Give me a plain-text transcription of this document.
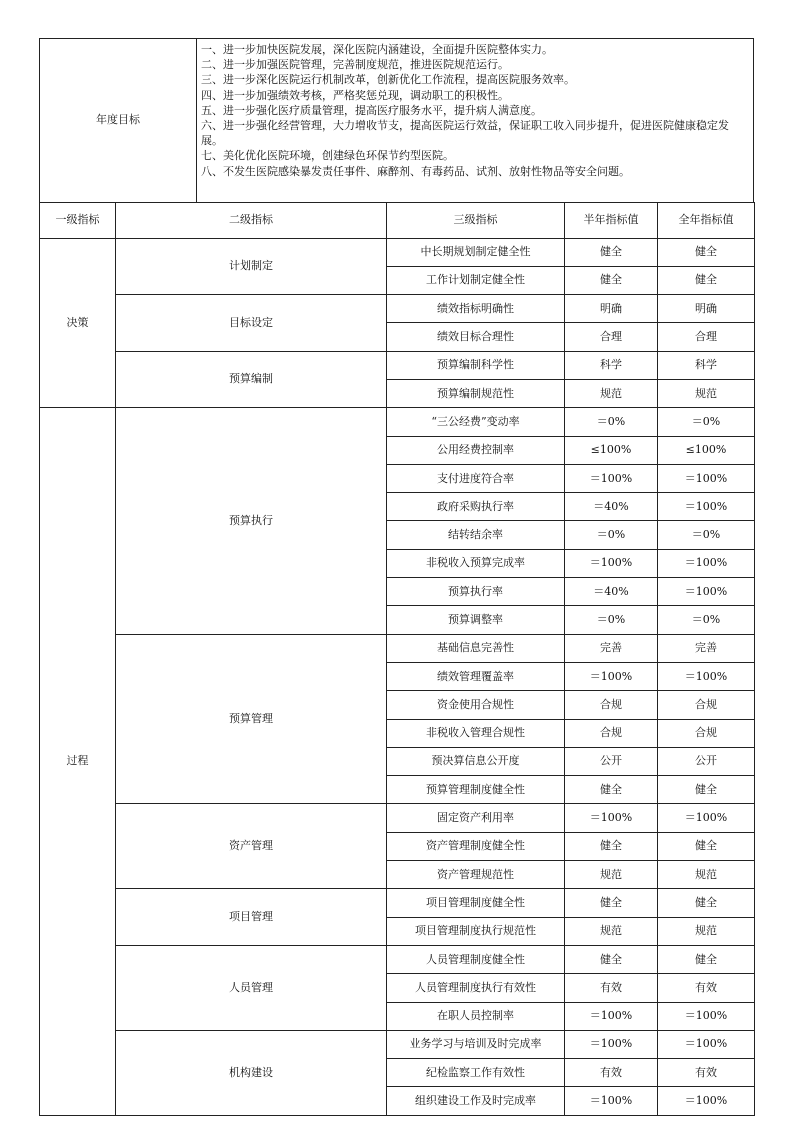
年度目标	
一、进一步加快医院发展，深化医院内涵建设，全面提升医院整体实力。
二、进一步加强医院管理，完善制度规范，推进医院规范运行。
三、进一步深化医院运行机制改革，创新优化工作流程，提高医院服务效率。
四、进一步加强绩效考核，严格奖惩兑现，调动职工的积极性。
五、进一步强化医疗质量管理，提高医疗服务水平，提升病人满意度。
六、进一步强化经营管理，大力增收节支，提高医院运行效益，保证职工收入同步提升，促进医院健康稳定发展。
七、美化优化医院环境，创建绿色环保节约型医院。
八、不发生医院感染暴发责任事件、麻醉剂、有毒药品、试剂、放射性物品等安全问题。
一级指标	二级指标	三级指标	半年指标值	全年指标值
决策	计划制定	中长期规划制定健全性	健全	健全
		工作计划制定健全性	健全	健全
	目标设定	绩效指标明确性	明确	明确
		绩效目标合理性	合理	合理
	预算编制	预算编制科学性	科学	科学
		预算编制规范性	规范	规范
过程	预算执行	“三公经费”变动率	＝0%	＝0%
		公用经费控制率	≤100%	≤100%
		支付进度符合率	＝100%	＝100%
		政府采购执行率	＝40%	＝100%
		结转结余率	＝0%	＝0%
		非税收入预算完成率	＝100%	＝100%
		预算执行率	＝40%	＝100%
		预算调整率	＝0%	＝0%
	预算管理	基础信息完善性	完善	完善
		绩效管理覆盖率	＝100%	＝100%
		资金使用合规性	合规	合规
		非税收入管理合规性	合规	合规
		预决算信息公开度	公开	公开
		预算管理制度健全性	健全	健全
	资产管理	固定资产利用率	＝100%	＝100%
		资产管理制度健全性	健全	健全
		资产管理规范性	规范	规范
	项目管理	项目管理制度健全性	健全	健全
		项目管理制度执行规范性	规范	规范
	人员管理	人员管理制度健全性	健全	健全
		人员管理制度执行有效性	有效	有效
		在职人员控制率	＝100%	＝100%
	机构建设	业务学习与培训及时完成率	＝100%	＝100%
		纪检监察工作有效性	有效	有效
		组织建设工作及时完成率	＝100%	＝100%
